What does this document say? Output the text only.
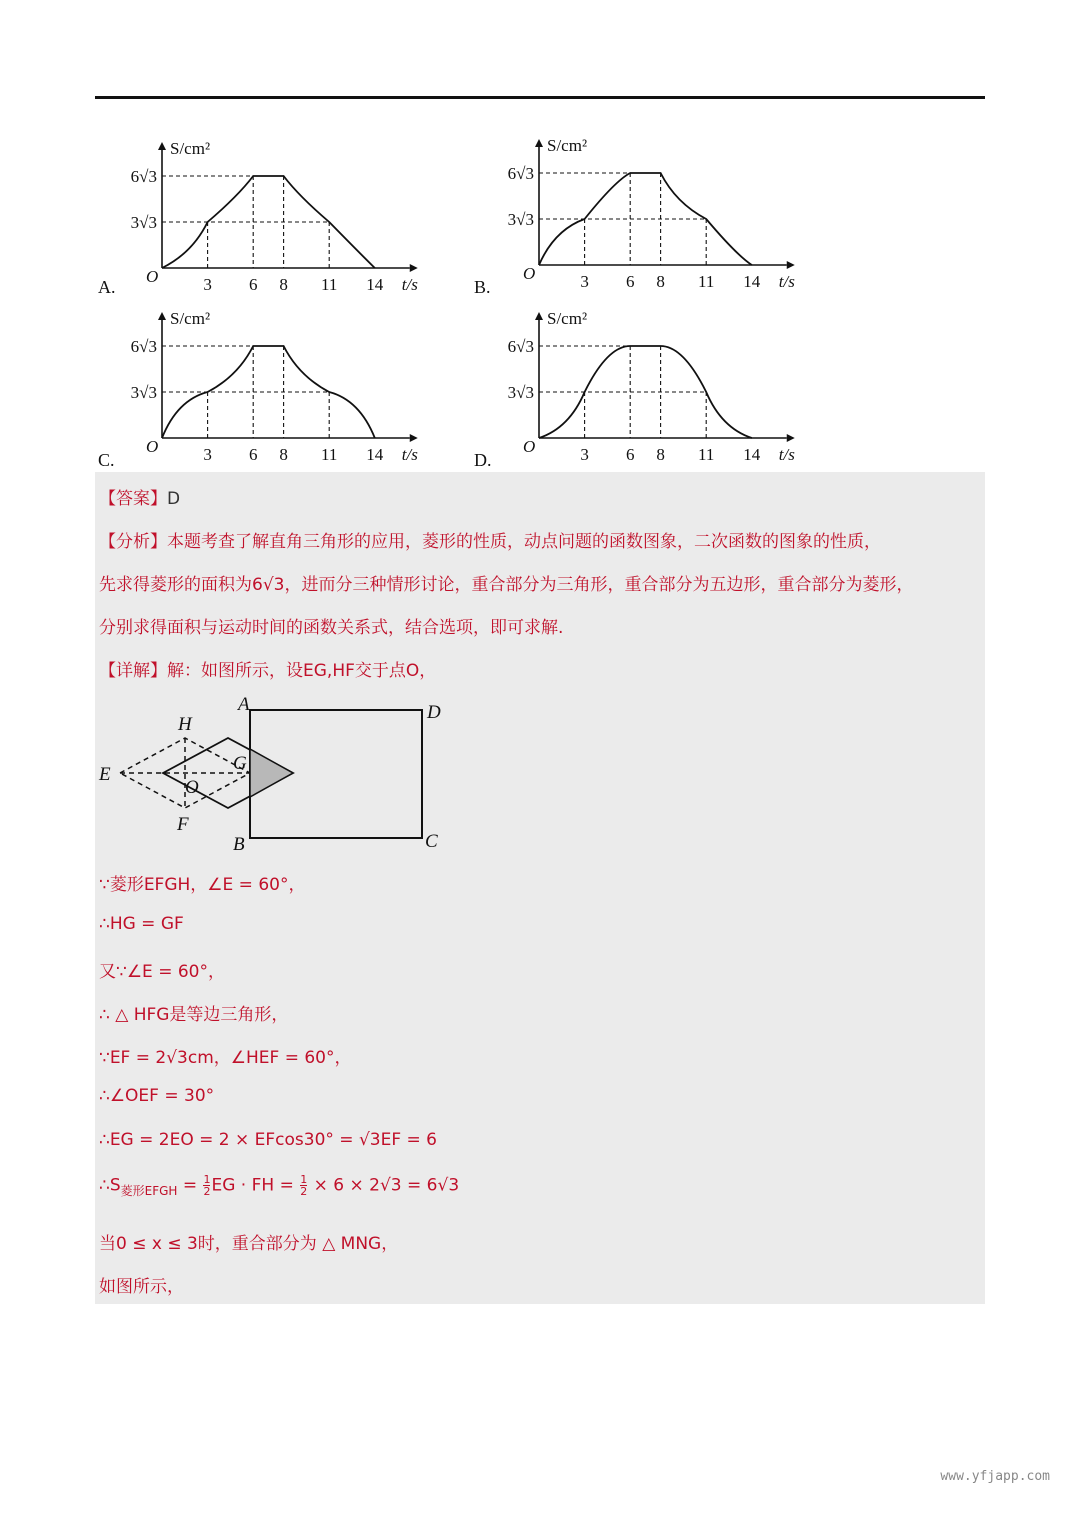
S/cm²
6√3
3√3
O	3 6 8 11 14 t/s
S/cm²
6√3
3√3
O	3 6 8 11 14 t/s
S/cm²
6√3
3√3
O	3 6 8 11 14 t/s
S/cm²
6√3
3√3
O	3 6 8 11 14 t/s
A.	B.
C.	D.
【答案】D
【分析】本题考查了解直角三角形的应用，菱形的性质，动点问题的函数图象，二次函数的图象的性质，
先求得菱形的面积为6√3，进而分三种情形讨论，重合部分为三角形，重合部分为五边形，重合部分为菱形，
分别求得面积与运动时间的函数关系式，结合选项，即可求解.
【详解】解：如图所示，设EG,HF交于点O，
∵菱形EFGH，∠E = 60°，
∴HG = GF
又∵∠E = 60°，
∴ △ HFG是等边三角形，
∵EF = 2√3cm，∠HEF = 60°，
∴∠OEF = 30°
∴EG = 2EO = 2 × EFcos30° = √3EF = 6
$\therefore S_{菱形EFGH} = \frac{1}{2}$ EG · FH = $\frac{1}{2} \times 6 \times 2√3 = 6√3$
当0 ≤ x ≤ 3时，重合部分为 △ MNG，
如图所示，
A	D
B	C
E
H
F
G
O
www.yfjapp.com
